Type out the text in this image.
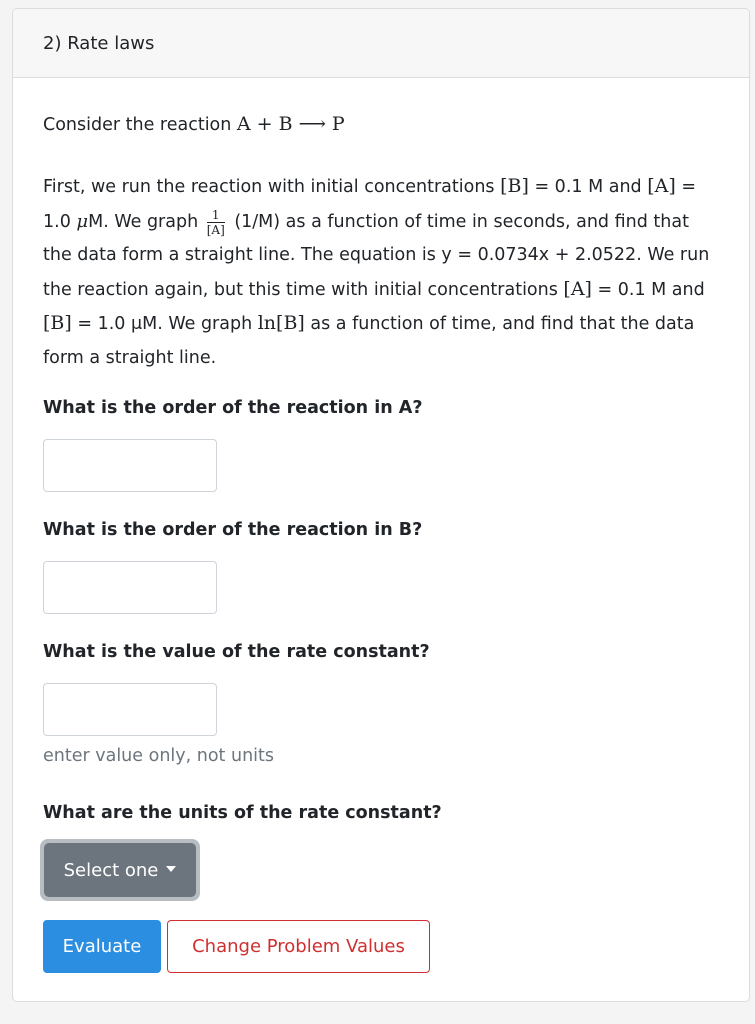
2) Rate laws

Consider the reaction A + B ⟶ P

First, we run the reaction with initial concentrations [B] = 0.1 M and [A] = 1.0 μM. We graph $\frac{1}{[A]} (1/M)$ as a function of time in seconds, and find that the data form a straight line. The equation is y = 0.0734x + 2.0522. We run the reaction again, but this time with initial concentrations [A] = 0.1 M and [B] = 1.0 μM. We graph ln[B] as a function of time, and find that the data form a straight line.

What is the order of the reaction in A?

What is the order of the reaction in B?

What is the value of the rate constant?

enter value only, not units

What are the units of the rate constant?

Select one
Evaluate	Change Problem Values
